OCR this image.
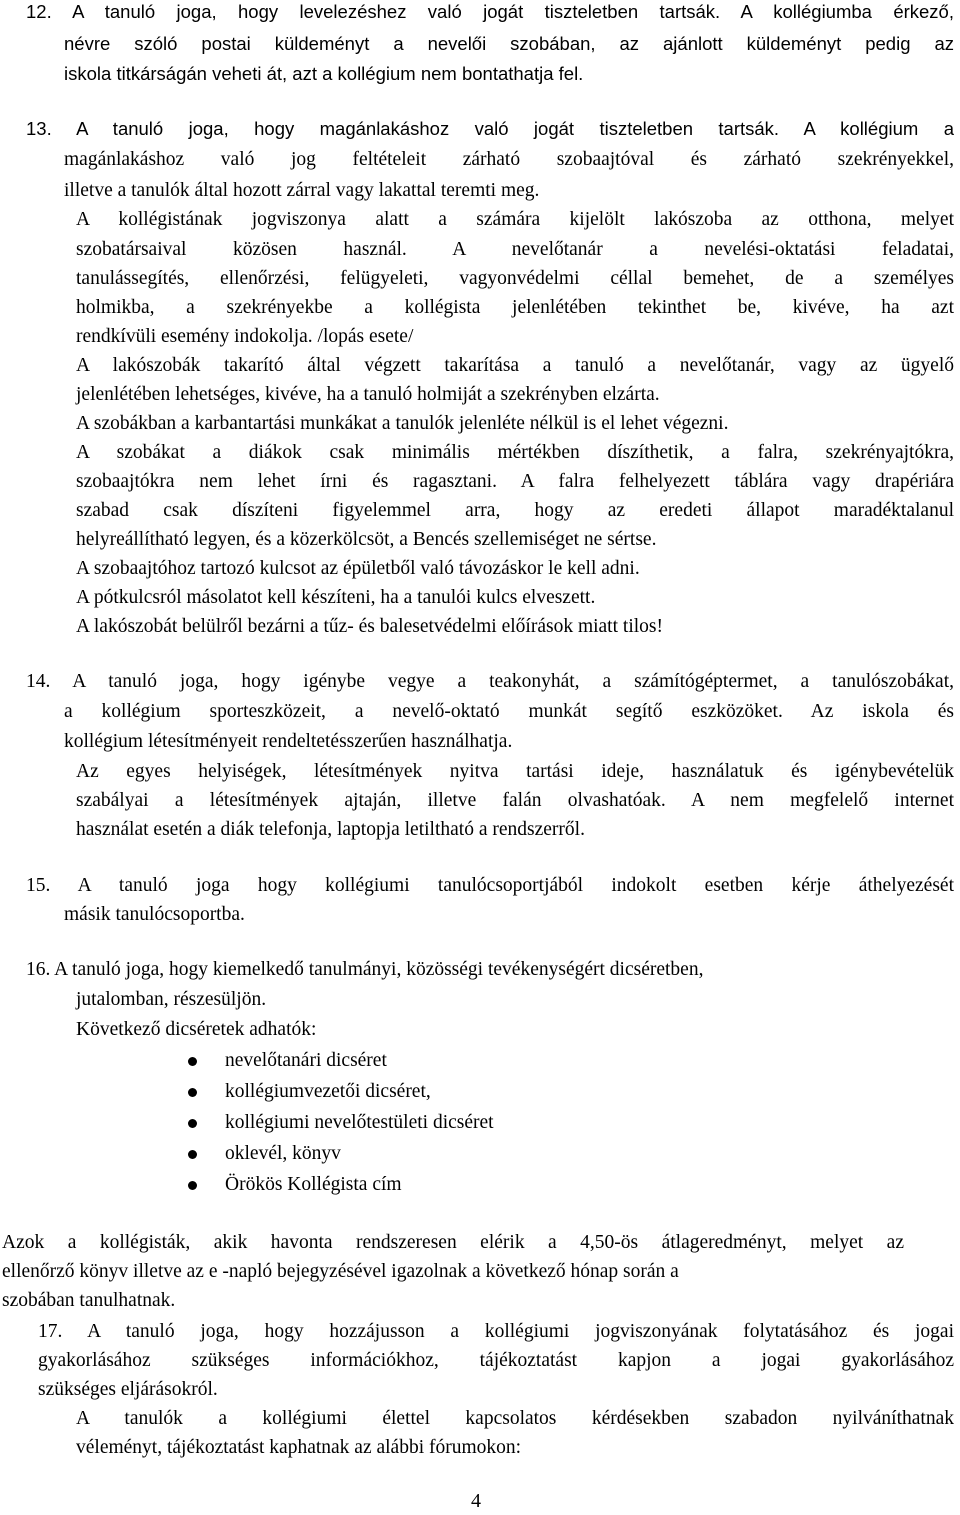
12. A tanuló joga, hogy levelezéshez való jogát tiszteletben tartsák. A kollégiumba érkező,
névre szóló postai küldeményt a nevelői szobában, az ajánlott küldeményt pedig az
iskola titkárságán veheti át, azt a kollégium nem bontathatja fel.
13. A tanuló joga, hogy magánlakáshoz való jogát tiszteletben tartsák. A kollégium a
magánlakáshoz való jog feltételeit zárható szobaajtóval és zárható szekrényekkel,
illetve a tanulók által hozott zárral vagy lakattal teremti meg.
A kollégistának jogviszonya alatt a számára kijelölt lakószoba az otthona, melyet
szobatársaival közösen használ. A nevelőtanár a nevelési-oktatási feladatai,
tanulássegítés, ellenőrzési, felügyeleti, vagyonvédelmi céllal bemehet, de a személyes
holmikba, a szekrényekbe a kollégista jelenlétében tekinthet be, kivéve, ha azt
rendkívüli esemény indokolja. /lopás esete/
A lakószobák takarító által végzett takarítása a tanuló a nevelőtanár, vagy az ügyelő
jelenlétében lehetséges, kivéve, ha a tanuló holmiját a szekrényben elzárta.
A szobákban a karbantartási munkákat a tanulók jelenléte nélkül is el lehet végezni.
A szobákat a diákok csak minimális mértékben díszíthetik, a falra, szekrényajtókra,
szobaajtókra nem lehet írni és ragasztani. A falra felhelyezett táblára vagy drapériára
szabad csak díszíteni figyelemmel arra, hogy az eredeti állapot maradéktalanul
helyreállítható legyen, és a közerkölcsöt, a Bencés szellemiséget ne sértse.
A szobaajtóhoz tartozó kulcsot az épületből való távozáskor le kell adni.
A pótkulcsról másolatot kell készíteni, ha a tanulói kulcs elveszett.
A lakószobát belülről bezárni a tűz- és balesetvédelmi előírások miatt tilos!
14. A tanuló joga, hogy igénybe vegye a teakonyhát, a számítógéptermet, a tanulószobákat,
a kollégium sporteszközeit, a nevelő-oktató munkát segítő eszközöket. Az iskola és
kollégium létesítményeit rendeltetésszerűen használhatja.
Az egyes helyiségek, létesítmények nyitva tartási ideje, használatuk és igénybevételük
szabályai a létesítmények ajtaján, illetve falán olvashatóak. A nem megfelelő internet
használat esetén a diák telefonja, laptopja letiltható a rendszerről.
15. A tanuló joga hogy kollégiumi tanulócsoportjából indokolt esetben kérje áthelyezését
másik tanulócsoportba.
16. A tanuló joga, hogy kiemelkedő tanulmányi, közösségi tevékenységért dicséretben,
jutalomban, részesüljön.
Következő dicséretek adhatók:
nevelőtanári dicséret
kollégiumvezetői dicséret,
kollégiumi nevelőtestületi dicséret
oklevél, könyv
Örökös Kollégista cím
Azok a kollégisták, akik havonta rendszeresen elérik a 4,50-ös átlageredményt, melyet az
ellenőrző könyv illetve az e -napló bejegyzésével igazolnak a következő hónap során a
szobában tanulhatnak.
17. A tanuló joga, hogy hozzájusson a kollégiumi jogviszonyának folytatásához és jogai
gyakorlásához szükséges információkhoz, tájékoztatást kapjon a jogai gyakorlásához
szükséges eljárásokról.
A tanulók a kollégiumi élettel kapcsolatos kérdésekben szabadon nyilváníthatnak
véleményt, tájékoztatást kaphatnak az alábbi fórumokon:
4
